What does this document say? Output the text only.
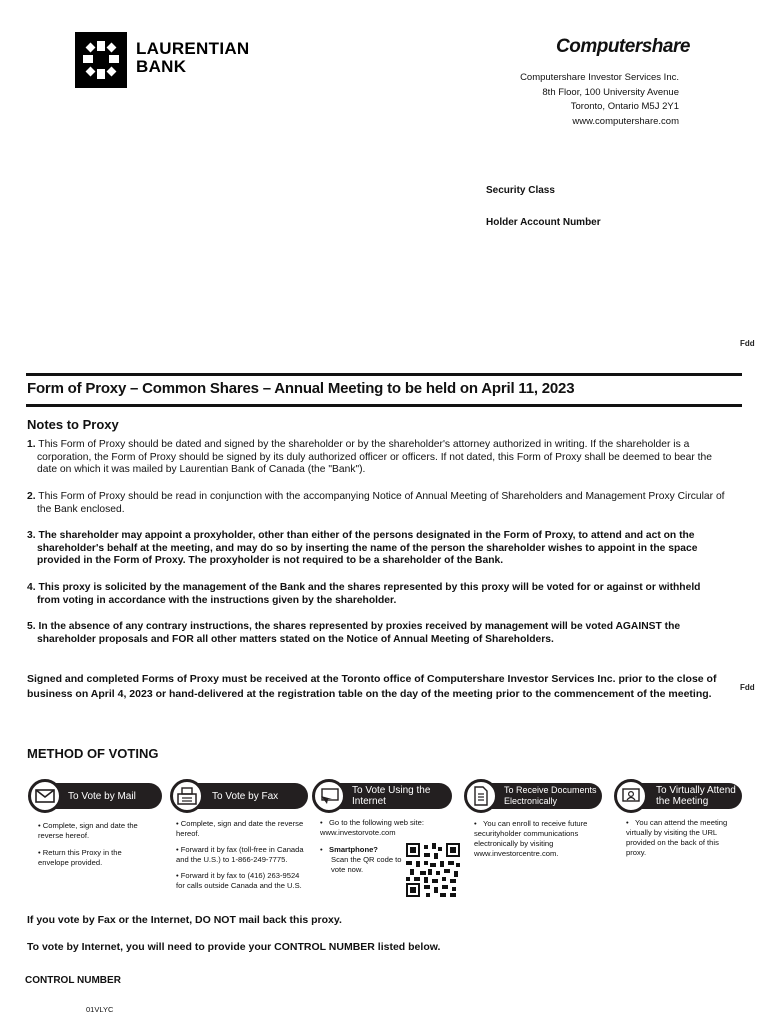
LAURENTIAN
BANK
Computershare
Computershare Investor Services Inc.
8th Floor, 100 University Avenue
Toronto, Ontario M5J 2Y1
www.computershare.com
Security Class
Holder Account Number
Fdd
Form of Proxy – Common Shares – Annual Meeting to be held on April 11, 2023
Notes to Proxy
1. This Form of Proxy should be dated and signed by the shareholder or by the shareholder's attorney authorized in writing. If the shareholder is a
corporation, the Form of Proxy should be signed by its duly authorized officer or officers. If not dated, this Form of Proxy shall be deemed to bear the date on which it was mailed by Laurentian Bank of Canada (the "Bank").
2. This Form of Proxy should be read in conjunction with the accompanying Notice of Annual Meeting of Shareholders and Management Proxy Circular of
the Bank enclosed.
3. The shareholder may appoint a proxyholder, other than either of the persons designated in the Form of Proxy, to attend and act on the
shareholder's behalf at the meeting, and may do so by inserting the name of the person the shareholder wishes to appoint in the space provided in the Form of Proxy. The proxyholder is not required to be a shareholder of the Bank.
4. This proxy is solicited by the management of the Bank and the shares represented by this proxy will be voted for or against or withheld
from voting in accordance with the instructions given by the shareholder.
5. In the absence of any contrary instructions, the shares represented by proxies received by management will be voted AGAINST the
shareholder proposals and FOR all other matters stated on the Notice of Annual Meeting of Shareholders.
Signed and completed Forms of Proxy must be received at the Toronto office of Computershare Investor Services Inc. prior to the close of business on April 4, 2023 or hand-delivered at the registration table on the day of the meeting prior to the commencement of the meeting.	Fdd
METHOD OF VOTING
To Vote by Mail	To Vote by Fax
To Vote Using the
Internet
To Receive Documents
Electronically
To Virtually Attend
the Meeting
• Complete, sign and date the reverse hereof.
• Return this Proxy in the envelope provided.
• Complete, sign and date the reverse hereof.
• Forward it by fax (toll-free in Canada and the U.S.) to 1-866-249-7775.
• Forward it by fax to (416) 263-9524 for calls outside Canada and the U.S.
•   Go to the following web site: www.investorvote.com
•   Smartphone?

Scan the QR code to vote now.
•   You can enroll to receive future securityholder communications electronically by visiting www.investorcentre.com.
•   You can attend the meeting virtually by visiting the URL provided on the back of this proxy.
If you vote by Fax or the Internet, DO NOT mail back this proxy.
To vote by Internet, you will need to provide your CONTROL NUMBER listed below.
CONTROL NUMBER
01VLYC
